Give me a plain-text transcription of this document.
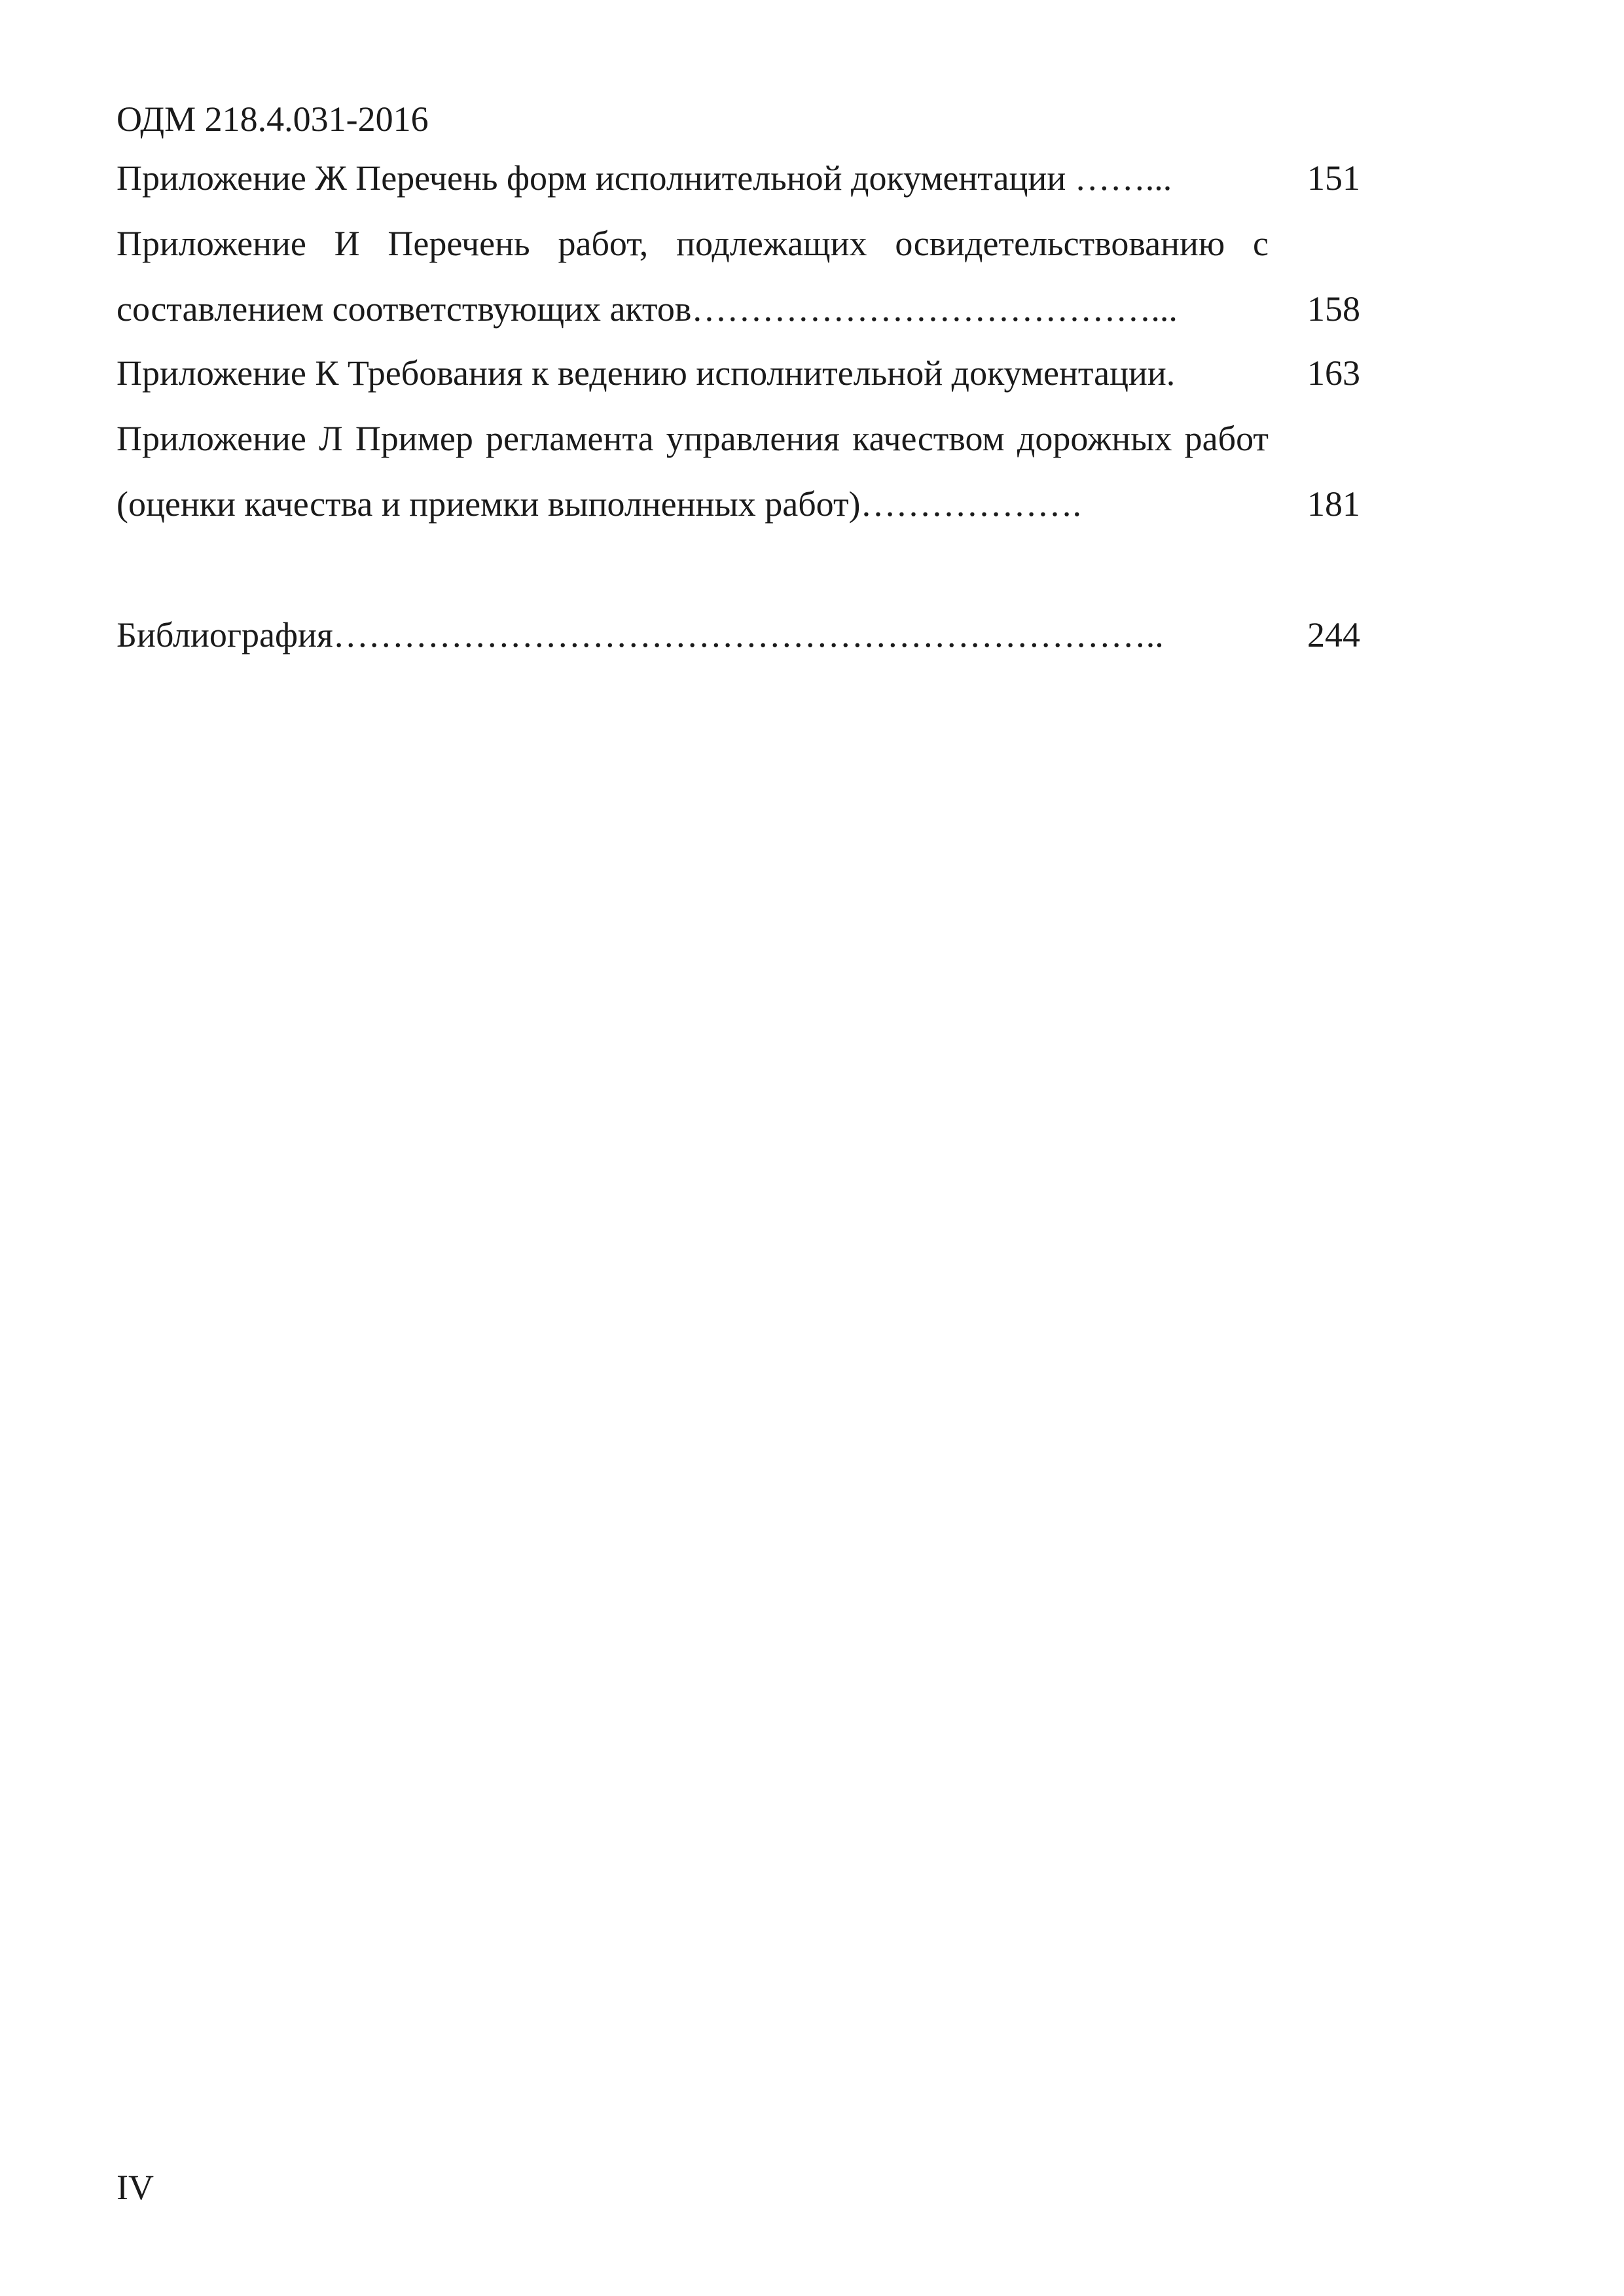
ОДМ 218.4.031-2016
Приложение Ж Перечень форм исполнительной документации ……...	151
Приложение И Перечень работ, подлежащих освидетельствованию с составлением соответствующих актов…………………………………...	158
Приложение К Требования к ведению исполнительной документации.	163
Приложение Л Пример регламента управления качеством дорожных работ (оценки качества и приемки выполненных работ)……………….	181
Библиография……………………………………………………………..	244
IV
